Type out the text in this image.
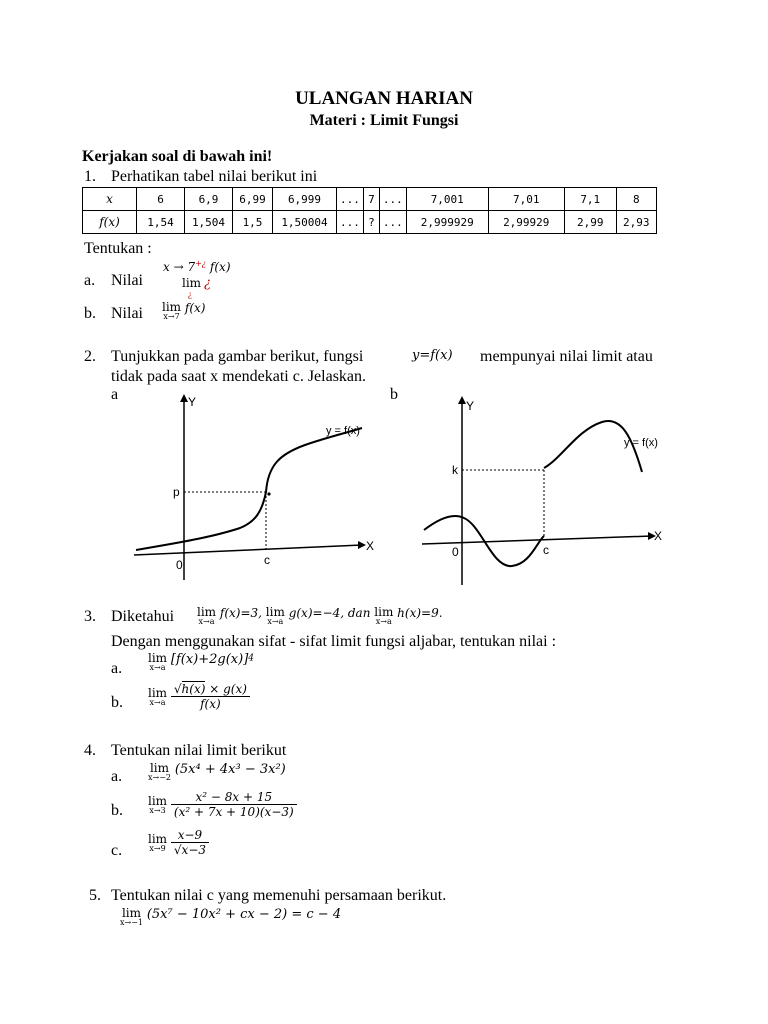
ULANGAN HARIAN
Materi : Limit Fungsi
Kerjakan soal di bawah ini!
1. Perhatikan tabel nilai berikut ini
x	6	6,9	6,99	6,999	...	7	...	7,001	7,01	7,1	8
f(x)	1,54	1,504	1,5	1,50004	...	?	...	2,999929	2,99929	2,99	2,93
Tentukan :
a. Nilai
x → 7+¿ f(x)
lim
¿
¿
b. Nilai lim
x→7
f(x)
2. Tunjukkan pada gambar berikut, fungsi	y=f(x) mempunyai nilai limit atau
tidak pada saat x mendekati c. Jelaskan.
a	b
Y
X
y = f(x)
p
0	c
Y
X
y = f(x)
k
0	c
3. Diketahui lim
x→a
f(x)=3, lim
x→a
g(x)=−4, dan lim
x→a
h(x)=9.
Dengan menggunakan sifat - sifat limit fungsi aljabar, tentukan nilai :
a.
lim
x→a
$[f(x)+2g(x)]^4$
b.
lim
x→a
$\frac{√h(x) \times g(x)}{f(x)}$
4. Tentukan nilai limit berikut
a. lim
x→−2
(5x⁴ + 4x³ − 3x²)
b.
lim
x→3
$\frac{\text{x² − 8x + 15}}{\text{(x² + 7x + 10)(x−3)}}$
c.
lim
x→9
$\frac{x-9}{√x-3}$
5. Tentukan nilai c yang memenuhi persamaan berikut.
lim
x→−1
(5x⁷ − 10x² + cx − 2) = c − 4
